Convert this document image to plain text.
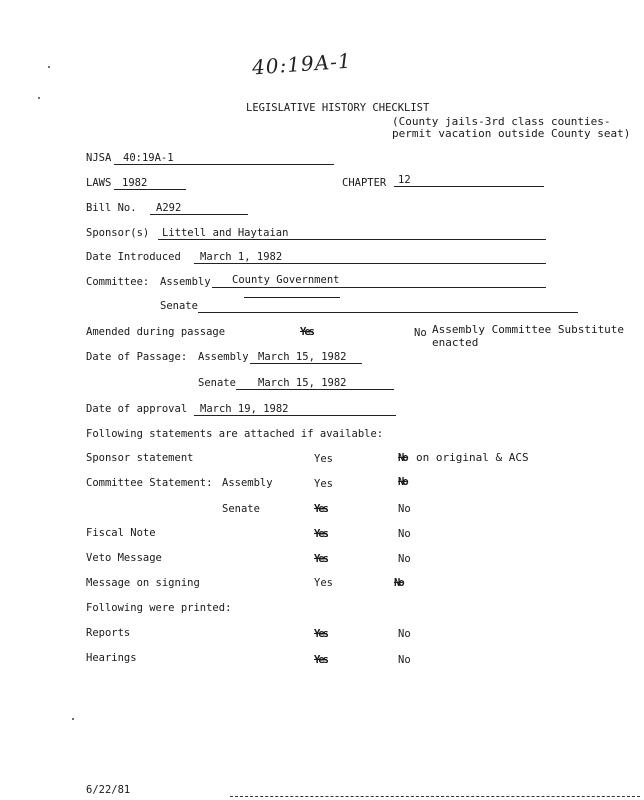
40:19A-1
LEGISLATIVE HISTORY CHECKLIST
(County jails-3rd class counties-
permit vacation outside County seat)
NJSA 40:19A-1
LAWS 1982	CHAPTER 12
Bill No. A292
Sponsor(s) Littell and Haytaian
Date Introduced March 1, 1982
Committee: Assembly County Government
Senate
Amended during passage	Yes	No Assembly Committee Substitute
enacted
Date of Passage: Assembly March 15, 1982
Senate March 15, 1982
Date of approval March 19, 1982
Following statements are attached if available:
Sponsor statement	Yes	No on original & ACS
Committee Statement: Assembly	Yes	No
Senate	Yes	No
Fiscal Note	Yes	No
Veto Message	Yes	No
Message on signing	Yes	No
Following were printed:
Reports	Yes	No
Hearings	Yes	No
6/22/81
